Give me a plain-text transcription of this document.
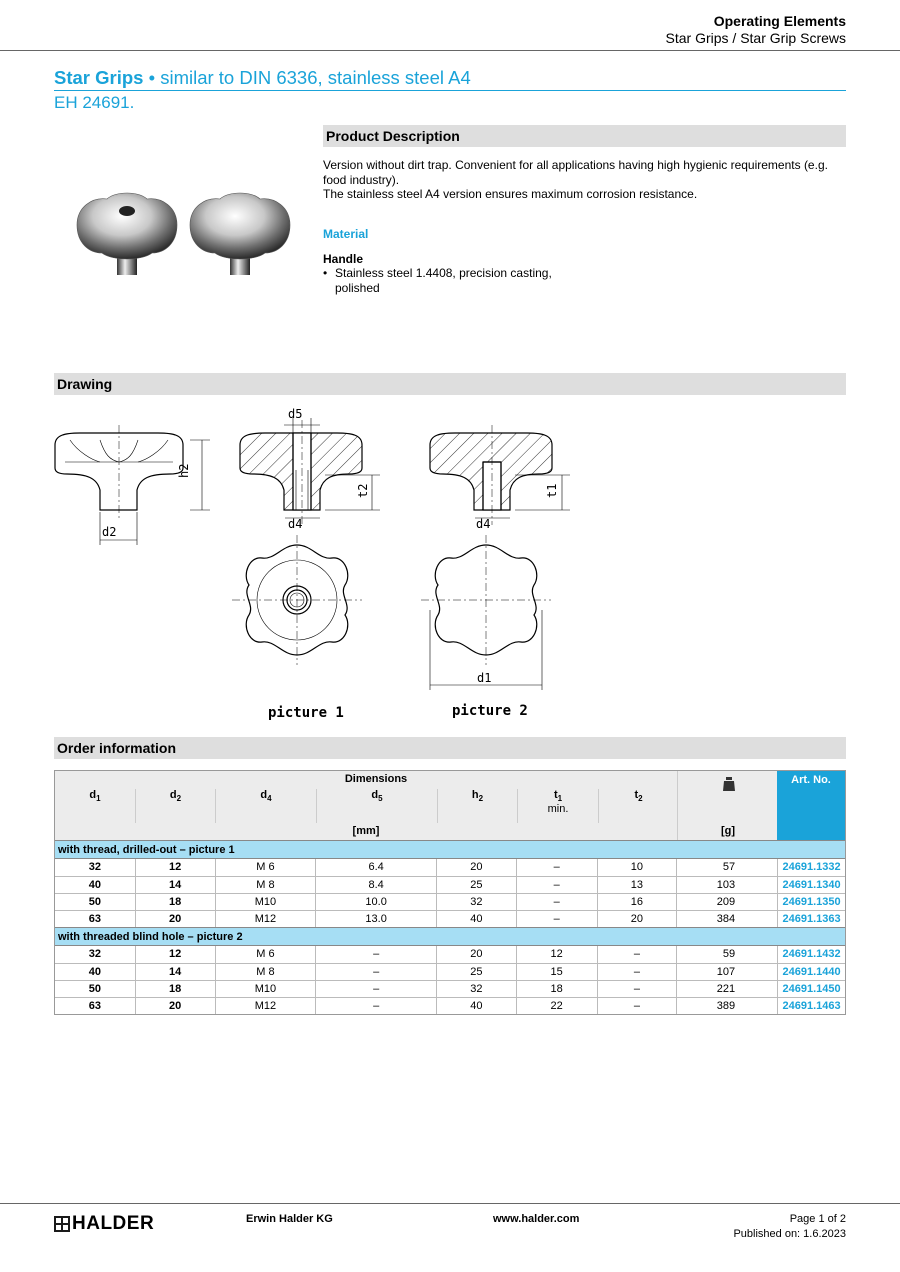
Operating Elements
Star Grips / Star Grip Screws
Star Grips • similar to DIN 6336, stainless steel A4
EH 24691.
Product Description
Version without dirt trap. Convenient for all applications having high hygienic requirements (e.g. food industry).
The stainless steel A4 version ensures maximum corrosion resistance.
Material
Handle
• Stainless steel 1.4408, precision casting,
polished
Drawing
d5
d4	d4
d2
d1
h2
t2	t1
picture 1	picture 2
Order information
Dimensions
$d_1$	$d_2$	$d_4$	$d_5$	$h_2$	$t_1$
min.
$t_2$
[mm]	[g]
Art. No.
with thread, drilled-out – picture 1
32	12	M 6	6.4	20	–	10	57	24691.1332
40	14	M 8	8.4	25	–	13	103	24691.1340
50	18	M10	10.0	32	–	16	209	24691.1350
63	20	M12	13.0	40	–	20	384	24691.1363
with threaded blind hole – picture 2
32	12	M 6	–	20	12	–	59	24691.1432
40	14	M 8	–	25	15	–	107	24691.1440
50	18	M10	–	32	18	–	221	24691.1450
63	20	M12	–	40	22	–	389	24691.1463
HALDER	Erwin Halder KG	www.halder.com	Page 1 of 2
Published on: 1.6.2023
